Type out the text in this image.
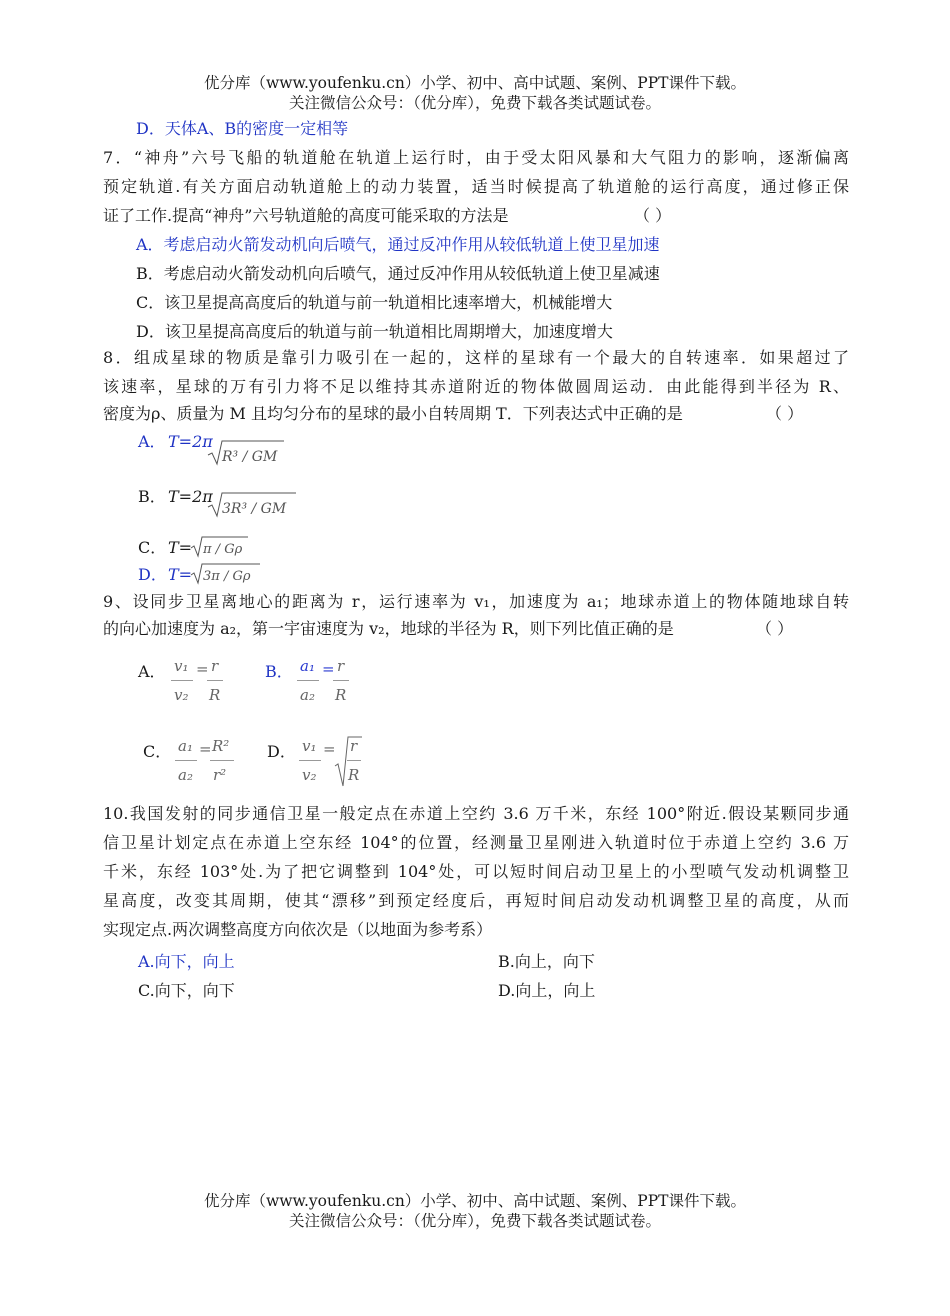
优分库（www.youfenku.cn）小学、初中、高中试题、案例、PPT课件下载。
关注微信公众号：（优分库），免费下载各类试题试卷。
D．天体A、B的密度一定相等
7．“神舟”六号飞船的轨道舱在轨道上运行时，由于受太阳风暴和大气阻力的影响，逐渐偏离
预定轨道.有关方面启动轨道舱上的动力装置，适当时候提高了轨道舱的运行高度，通过修正保
证了工作.提高“神舟”六号轨道舱的高度可能采取的方法是	（ ）
A．考虑启动火箭发动机向后喷气，通过反冲作用从较低轨道上使卫星加速
B．考虑启动火箭发动机向后喷气，通过反冲作用从较低轨道上使卫星减速
C．该卫星提高高度后的轨道与前一轨道相比速率增大，机械能增大
D．该卫星提高高度后的轨道与前一轨道相比周期增大，加速度增大
8．组成星球的物质是靠引力吸引在一起的，这样的星球有一个最大的自转速率．如果超过了
该速率，星球的万有引力将不足以维持其赤道附近的物体做圆周运动．由此能得到半径为 R、
密度为ρ、质量为 M 且均匀分布的星球的最小自转周期 T．下列表达式中正确的是	（ ）
A． T=2π
R³ / GM
B． T=2π
3R³ / GM
C． T= π / Gρ
D． T= 3π / Gρ
9、设同步卫星离地心的距离为 r，运行速率为 v₁，加速度为 a₁；地球赤道上的物体随地球自转
的向心加速度为 a₂，第一宇宙速度为 v₂，地球的半径为 R，则下列比值正确的是	（ ）
A． v₁
v₂
= r
R
B． a₁
a₂
= r
R
C． a₁
a₂
= R²
r²
D． v₁
v₂
= r
R
10.我国发射的同步通信卫星一般定点在赤道上空约 3.6 万千米，东经 100°附近.假设某颗同步通
信卫星计划定点在赤道上空东经 104°的位置，经测量卫星刚进入轨道时位于赤道上空约 3.6 万
千米，东经 103°处.为了把它调整到 104°处，可以短时间启动卫星上的小型喷气发动机调整卫
星高度，改变其周期，使其“漂移”到预定经度后，再短时间启动发动机调整卫星的高度，从而
实现定点.两次调整高度方向依次是（以地面为参考系）
A.向下，向上	B.向上，向下
C.向下，向下	D.向上，向上
优分库（www.youfenku.cn）小学、初中、高中试题、案例、PPT课件下载。
关注微信公众号：（优分库），免费下载各类试题试卷。
